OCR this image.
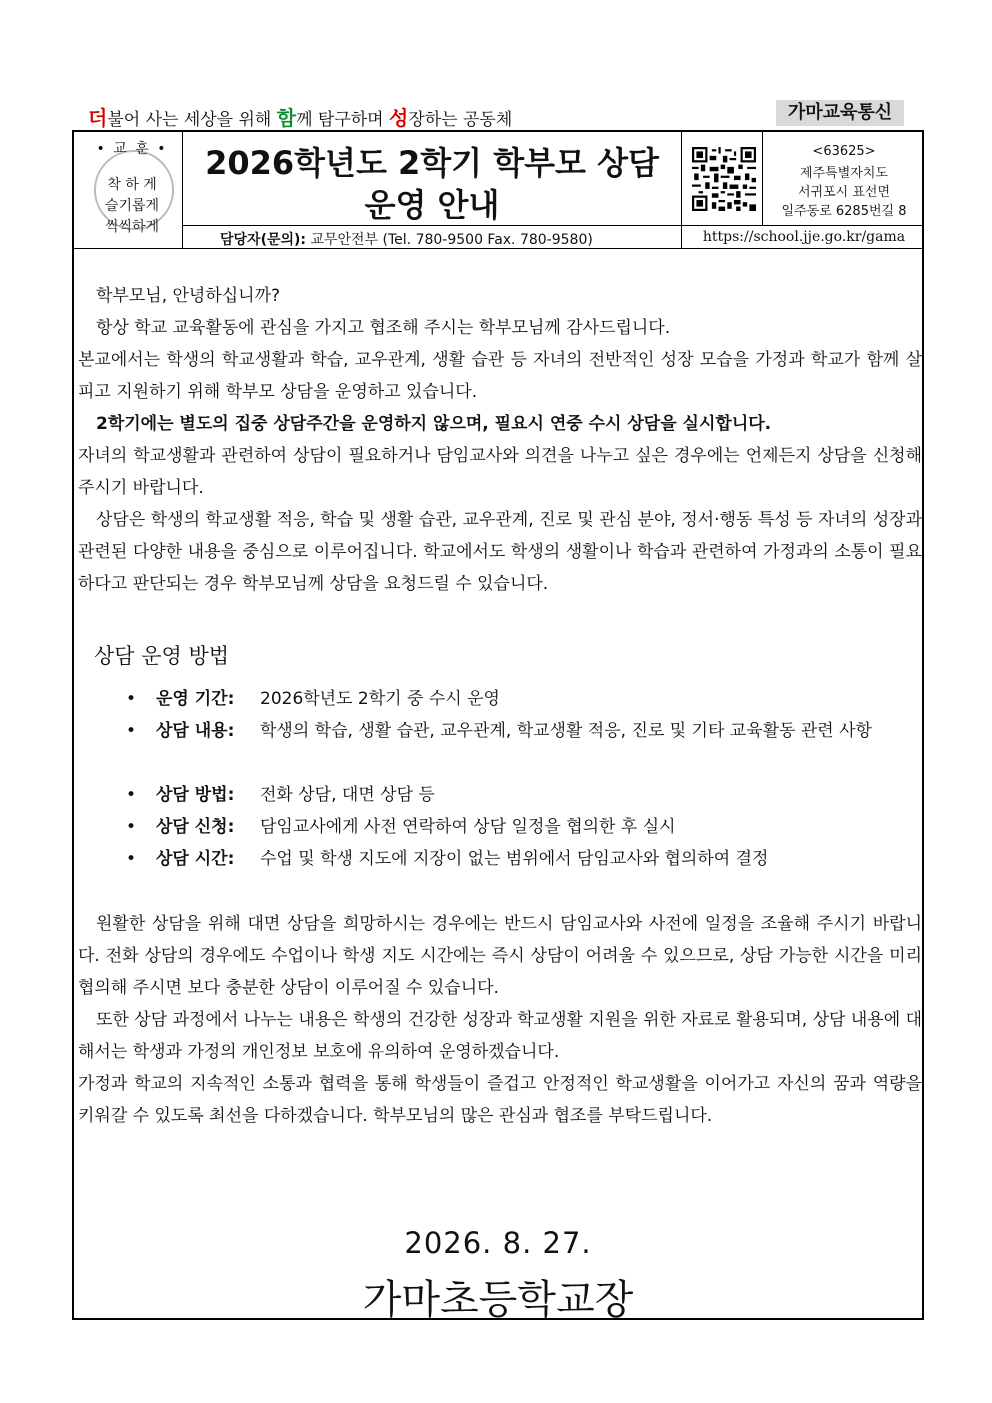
더불어 사는 세상을 위해 함께 탐구하며 성장하는 공동체	가마교육통신
• 교 훈 •
착 하 게
슬기롭게
씩씩하게
2026학년도 2학기 학부모 상담
운영 안내
<63625>
제주특별자치도
서귀포시 표선면
일주동로 6285번길 8
담당자(문의): 교무안전부 (Tel. 780-9500 Fax. 780-9580)	https://school.jje.go.kr/gama

학부모님, 안녕하십니까?

항상 학교 교육활동에 관심을 가지고 협조해 주시는 학부모님께 감사드립니다.

본교에서는 학생의 학교생활과 학습, 교우관계, 생활 습관 등 자녀의 전반적인 성장 모습을 가정과 학교가 함께 살피고 지원하기 위해 학부모 상담을 운영하고 있습니다.

2학기에는 별도의 집중 상담주간을 운영하지 않으며, 필요시 연중 수시 상담을 실시합니다.

자녀의 학교생활과 관련하여 상담이 필요하거나 담임교사와 의견을 나누고 싶은 경우에는 언제든지 상담을 신청해 주시기 바랍니다.

상담은 학생의 학교생활 적응, 학습 및 생활 습관, 교우관계, 진로 및 관심 분야, 정서·행동 특성 등 자녀의 성장과 관련된 다양한 내용을 중심으로 이루어집니다. 학교에서도 학생의 생활이나 학습과 관련하여 가정과의 소통이 필요하다고 판단되는 경우 학부모님께 상담을 요청드릴 수 있습니다.

상담 운영 방법
• 운영 기간: 2026학년도 2학기 중 수시 운영
• 상담 내용: 학생의 학습, 생활 습관, 교우관계, 학교생활 적응, 진로 및 기타 교육활동 관련 사항
• 상담 방법: 전화 상담, 대면 상담 등
• 상담 신청: 담임교사에게 사전 연락하여 상담 일정을 협의한 후 실시
• 상담 시간: 수업 및 학생 지도에 지장이 없는 범위에서 담임교사와 협의하여 결정

원활한 상담을 위해 대면 상담을 희망하시는 경우에는 반드시 담임교사와 사전에 일정을 조율해 주시기 바랍니다. 전화 상담의 경우에도 수업이나 학생 지도 시간에는 즉시 상담이 어려울 수 있으므로, 상담 가능한 시간을 미리 협의해 주시면 보다 충분한 상담이 이루어질 수 있습니다.

또한 상담 과정에서 나누는 내용은 학생의 건강한 성장과 학교생활 지원을 위한 자료로 활용되며, 상담 내용에 대해서는 학생과 가정의 개인정보 보호에 유의하여 운영하겠습니다.

가정과 학교의 지속적인 소통과 협력을 통해 학생들이 즐겁고 안정적인 학교생활을 이어가고 자신의 꿈과 역량을 키워갈 수 있도록 최선을 다하겠습니다. 학부모님의 많은 관심과 협조를 부탁드립니다.

2026. 8. 27.
가마초등학교장
